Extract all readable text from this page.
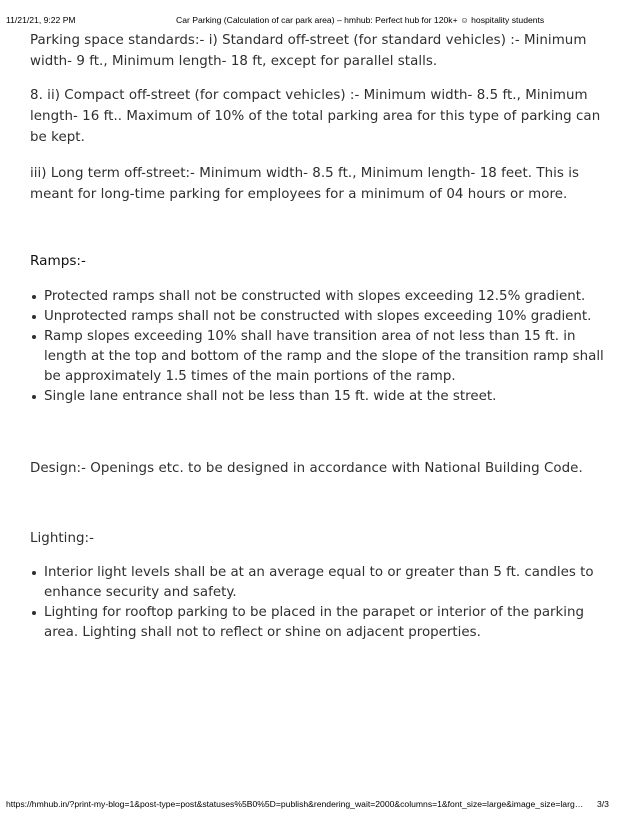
11/21/21, 9:22 PM	Car Parking (Calculation of car park area) – hmhub: Perfect hub for 120k+ ☺ hospitality students

Parking space standards:- i) Standard off-street (for standard vehicles) :- Minimum width- 9 ft., Minimum length- 18 ft, except for parallel stalls.

8. ii) Compact off-street (for compact vehicles) :- Minimum width- 8.5 ft., Minimum length- 16 ft.. Maximum of 10% of the total parking area for this type of parking can be kept.

iii) Long term off-street:- Minimum width- 8.5 ft., Minimum length- 18 feet. This is meant for long-time parking for employees for a minimum of 04 hours or more.

Ramps:-
Protected ramps shall not be constructed with slopes exceeding 12.5% gradient.
Unprotected ramps shall not be constructed with slopes exceeding 10% gradient.
Ramp slopes exceeding 10% shall have transition area of not less than 15 ft. in length at the top and bottom of the ramp and the slope of the transition ramp shall be approximately 1.5 times of the main portions of the ramp.
Single lane entrance shall not be less than 15 ft. wide at the street.

Design:- Openings etc. to be designed in accordance with National Building Code.

Lighting:-

Interior light levels shall be at an average equal to or greater than 5 ft. candles to enhance security and safety.
Lighting for rooftop parking to be placed in the parapet or interior of the parking area. Lighting shall not to reflect or shine on adjacent properties.
https://hmhub.in/?print-my-blog=1&post-type=post&statuses%5B0%5D=publish&rendering_wait=2000&columns=1&font_size=large&image_size=larg… 3/3
